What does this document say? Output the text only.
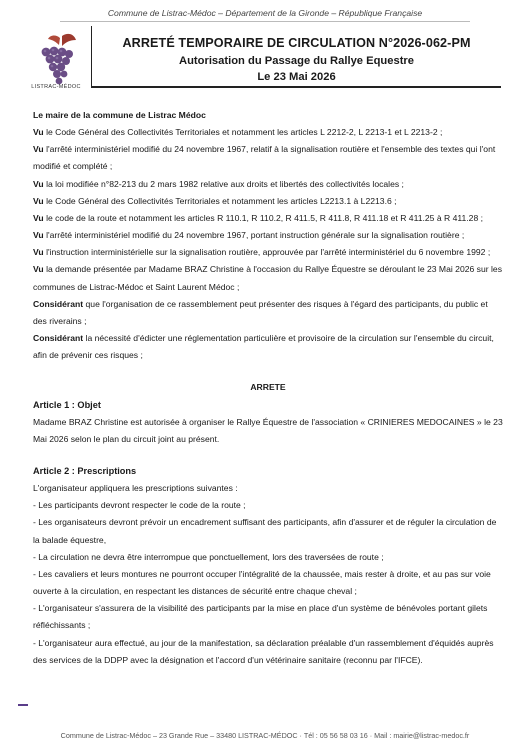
Commune de Listrac-Médoc – Département de la Gironde – République Française
LISTRAC-MÉDOC
ARRETÉ TEMPORAIRE DE CIRCULATION N°2026-062-PM
Autorisation du Passage du Rallye Equestre
Le 23 Mai 2026

Le maire de la commune de Listrac Médoc

Vu le Code Général des Collectivités Territoriales et notamment les articles L 2212-2, L 2213-1 et L 2213-2 ;

Vu l'arrêté interministériel modifié du 24 novembre 1967, relatif à la signalisation routière et l'ensemble des textes qui l'ont modifié et complété ;

Vu la loi modifiée n°82-213 du 2 mars 1982 relative aux droits et libertés des collectivités locales ;

Vu le Code Général des Collectivités Territoriales et notamment les articles L2213.1 à L2213.6 ;

Vu le code de la route et notamment les articles R 110.1, R 110.2, R 411.5, R 411.8, R 411.18 et R 411.25 à R 411.28 ;

Vu l'arrêté interministériel modifié du 24 novembre 1967, portant instruction générale sur la signalisation routière ;

Vu l'instruction interministérielle sur la signalisation routière, approuvée par l'arrêté interministériel du 6 novembre 1992 ;

Vu la demande présentée par Madame BRAZ Christine à l'occasion du Rallye Équestre se déroulant le 23 Mai 2026 sur les communes de Listrac-Médoc et Saint Laurent Médoc ;

Considérant que l'organisation de ce rassemblement peut présenter des risques à l'égard des participants, du public et des riverains ;

Considérant la nécessité d'édicter une réglementation particulière et provisoire de la circulation sur l'ensemble du circuit, afin de prévenir ces risques ;

ARRETE

Article 1 : Objet

Madame BRAZ Christine est autorisée à organiser le Rallye Équestre de l'association « CRINIERES MEDOCAINES » le 23 Mai 2026 selon le plan du circuit joint au présent.

Article 2 : Prescriptions

L'organisateur appliquera les prescriptions suivantes :

- Les participants devront respecter le code de la route ;

- Les organisateurs devront prévoir un encadrement suffisant des participants, afin d'assurer et de réguler la circulation de la balade équestre,

- La circulation ne devra être interrompue que ponctuellement, lors des traversées de route ;

- Les cavaliers et leurs montures ne pourront occuper l'intégralité de la chaussée, mais rester à droite, et au pas sur voie ouverte à la circulation, en respectant les distances de sécurité entre chaque cheval ;

- L'organisateur s'assurera de la visibilité des participants par la mise en place d'un système de bénévoles portant gilets réfléchissants ;

- L'organisateur aura effectué, au jour de la manifestation, sa déclaration préalable d'un rassemblement d'équidés auprès des services de la DDPP avec la désignation et l'accord d'un vétérinaire sanitaire (reconnu par l'IFCE).

Commune de Listrac-Médoc – 23 Grande Rue – 33480 LISTRAC-MÉDOC · Tél : 05 56 58 03 16 · Mail : mairie@listrac-medoc.fr
